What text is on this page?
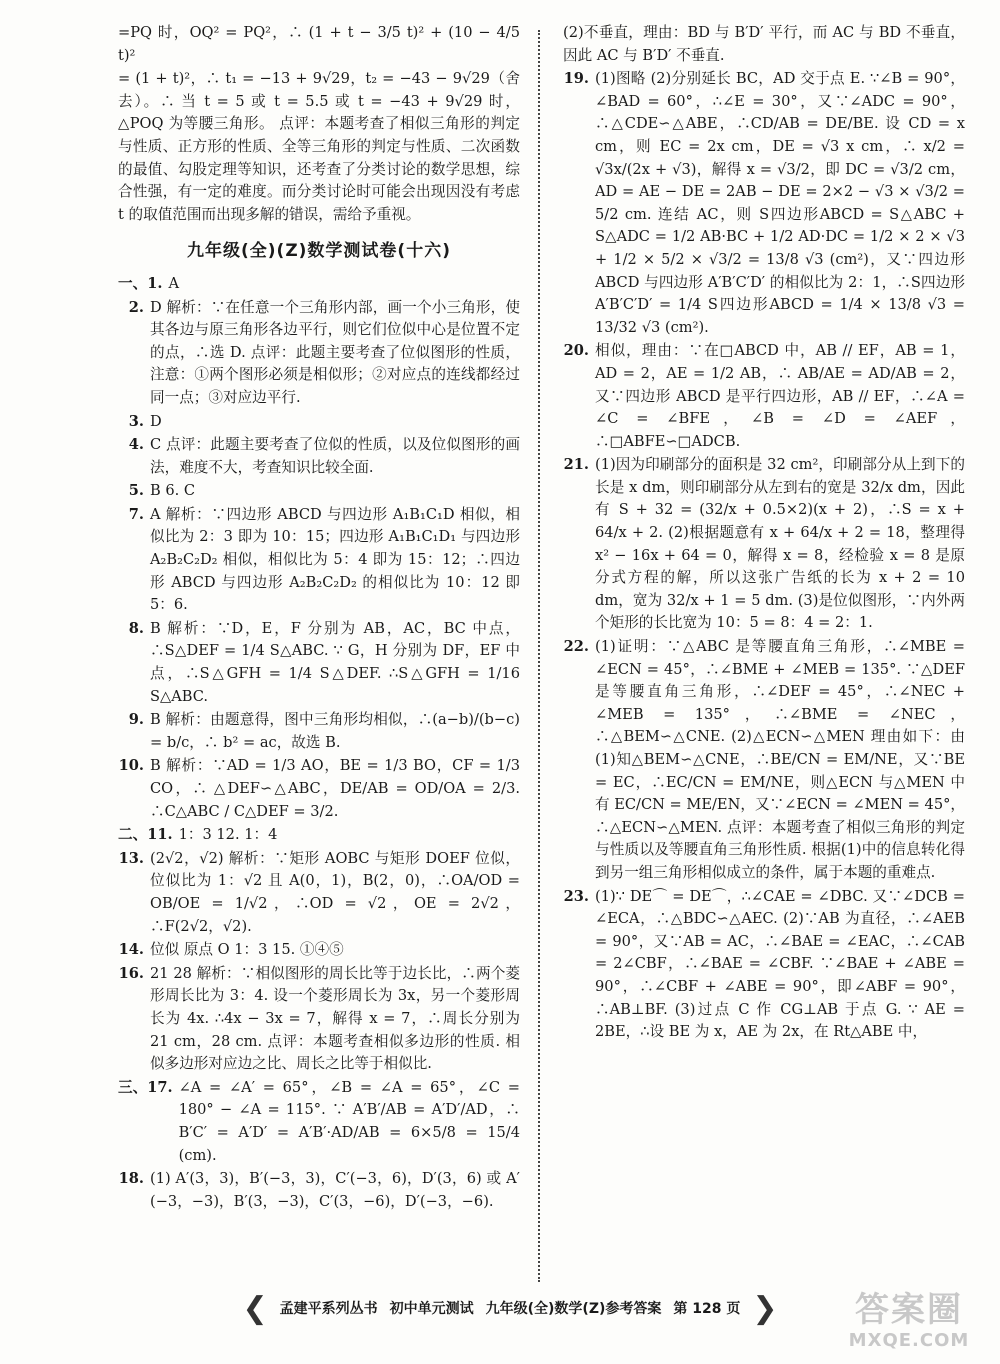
=PQ 时，OQ² = PQ²，∴ (1 + t − 3/5 t)² + (10 − 4/5 t)²

= (1 + t)²，∴ t₁ = −13 + 9√29，t₂ = −43 − 9√29（舍去）。∴ 当 t = 5 或 t = 5.5 或 t = −43 + 9√29 时，△POQ 为等腰三角形。 点评：本题考查了相似三角形的判定与性质、正方形的性质、全等三角形的判定与性质、二次函数的最值、勾股定理等知识，还考查了分类讨论的数学思想，综合性强，有一定的难度。而分类讨论时可能会出现因没有考虑 t 的取值范围而出现多解的错误，需给予重视。

九年级(全)(Z)数学测试卷(十六)
一、1. A
2. D 解析：∵在任意一个三角形内部，画一个小三角形，使其各边与原三角形各边平行，则它们位似中心是位置不定的点，∴选 D. 点评：此题主要考查了位似图形的性质，注意：①两个图形必须是相似形；②对应点的连线都经过同一点；③对应边平行.
3. D
4. C 点评：此题主要考查了位似的性质，以及位似图形的画法，难度不大，考查知识比较全面.
5. B 6. C
7. A 解析：∵四边形 ABCD 与四边形 A₁B₁C₁D 相似，相似比为 2：3 即为 10：15；四边形 A₁B₁C₁D₁ 与四边形 A₂B₂C₂D₂ 相似，相似比为 5：4 即为 15：12；∴四边形 ABCD 与四边形 A₂B₂C₂D₂ 的相似比为 10：12 即 5：6.
8. B 解析：∵D，E，F 分别为 AB，AC，BC 中点，∴S△DEF = 1/4 S△ABC. ∵ G，H 分别为 DF，EF 中点，∴S△GFH = 1/4 S△DEF. ∴S△GFH = 1/16 S△ABC.
9. B 解析：由题意得，图中三角形均相似，∴(a−b)/(b−c) = b/c，∴ b² = ac，故选 B.
10. B 解析：∵AD = 1/3 AO，BE = 1/3 BO，CF = 1/3 CO，∴ △DEF∽△ABC，DE/AB = OD/OA = 2/3. ∴C△ABC / C△DEF = 3/2.
二、11. 1：3 12. 1：4
13. (2√2，√2) 解析：∵矩形 AOBC 与矩形 DOEF 位似，位似比为 1：√2 且 A(0，1)，B(2，0)，∴OA/OD = OB/OE = 1/√2，∴OD = √2，OE = 2√2，∴F(2√2，√2).
14. 位似 原点 O 1：3 15. ①④⑤
16. 21 28 解析：∵相似图形的周长比等于边长比，∴两个菱形周长比为 3：4. 设一个菱形周长为 3x，另一个菱形周长为 4x. ∴4x − 3x = 7，解得 x = 7，∴周长分别为 21 cm，28 cm. 点评：本题考查相似多边形的性质. 相似多边形对应边之比、周长之比等于相似比.
三、17. ∠A = ∠A′ = 65°，∠B = ∠A = 65°，∠C = 180° − ∠A = 115°. ∵ A′B′/AB = A′D′/AD，∴ B′C′ = A′D′ = A′B′·AD/AB = 6×5/8 = 15/4 (cm).
18. (1) A′(3，3)，B′(−3，3)，C′(−3，6)，D′(3，6) 或 A′(−3，−3)，B′(3，−3)，C′(3，−6)，D′(−3，−6).

(2)不垂直，理由：BD 与 B′D′ 平行，而 AC 与 BD 不垂直，因此 AC 与 B′D′ 不垂直.

19. (1)图略 (2)分别延长 BC，AD 交于点 E. ∵∠B = 90°，∠BAD = 60°，∴∠E = 30°，又∵∠ADC = 90°，∴△CDE∽△ABE，∴CD/AB = DE/BE. 设 CD = x cm，则 EC = 2x cm，DE = √3 x cm，∴ x/2 = √3x/(2x + √3)，解得 x = √3/2，即 DC = √3/2 cm，AD = AE − DE = 2AB − DE = 2×2 − √3 × √3/2 = 5/2 cm. 连结 AC，则 S四边形ABCD = S△ABC + S△ADC = 1/2 AB·BC + 1/2 AD·DC = 1/2 × 2 × √3 + 1/2 × 5/2 × √3/2 = 13/8 √3 (cm²)，又∵四边形 ABCD 与四边形 A′B′C′D′ 的相似比为 2：1，∴S四边形A′B′C′D′ = 1/4 S四边形ABCD = 1/4 × 13/8 √3 = 13/32 √3 (cm²).
20. 相似，理由：∵在□ABCD 中，AB // EF，AB = 1，AD = 2，AE = 1/2 AB，∴ AB/AE = AD/AB = 2，又∵四边形 ABCD 是平行四边形，AB // EF，∴∠A = ∠C = ∠BFE，∠B = ∠D = ∠AEF，∴□ABFE∽□ADCB.
21. (1)因为印刷部分的面积是 32 cm²，印刷部分从上到下的长是 x dm，则印刷部分从左到右的宽是 32/x dm，因此有 S + 32 = (32/x + 0.5×2)(x + 2)，∴S = x + 64/x + 2. (2)根据题意有 x + 64/x + 2 = 18，整理得 x² − 16x + 64 = 0，解得 x = 8，经检验 x = 8 是原分式方程的解，所以这张广告纸的长为 x + 2 = 10 dm，宽为 32/x + 1 = 5 dm. (3)是位似图形，∵内外两个矩形的长比宽为 10：5 = 8：4 = 2：1.
22. (1)证明：∵△ABC 是等腰直角三角形，∴∠MBE = ∠ECN = 45°，∴∠BME + ∠MEB = 135°. ∵△DEF 是等腰直角三角形，∴∠DEF = 45°，∴∠NEC + ∠MEB = 135°，∴∠BME = ∠NEC，∴△BEM∽△CNE. (2)△ECN∽△MEN 理由如下：由(1)知△BEM∽△CNE，∴BE/CN = EM/NE，又∵BE = EC，∴EC/CN = EM/NE，则△ECN 与△MEN 中有 EC/CN = ME/EN，又∵∠ECN = ∠MEN = 45°，∴△ECN∽△MEN. 点评：本题考查了相似三角形的判定与性质以及等腰直角三角形性质. 根据(1)中的信息转化得到另一组三角形相似成立的条件，属于本题的重难点.
23. (1)∵ DE⌒ = DE⌒，∴∠CAE = ∠DBC. 又∵∠DCB = ∠ECA，∴△BDC∽△AEC. (2)∵AB 为直径，∴∠AEB = 90°，又∵AB = AC，∴∠BAE = ∠EAC，∴∠CAB = 2∠CBF，∴∠BAE = ∠CBF. ∵∠BAE + ∠ABE = 90°，∴∠CBF + ∠ABE = 90°，即∠ABF = 90°，∴AB⊥BF. (3)过点 C 作 CG⊥AB 于点 G. ∵ AE = 2BE，∴设 BE 为 x，AE 为 2x，在 Rt△ABE 中，
❮ 孟建平系列丛书 初中单元测试 九年级(全)数学(Z)参考答案 第 128 页 ❯	答案圈
MXQE.COM
